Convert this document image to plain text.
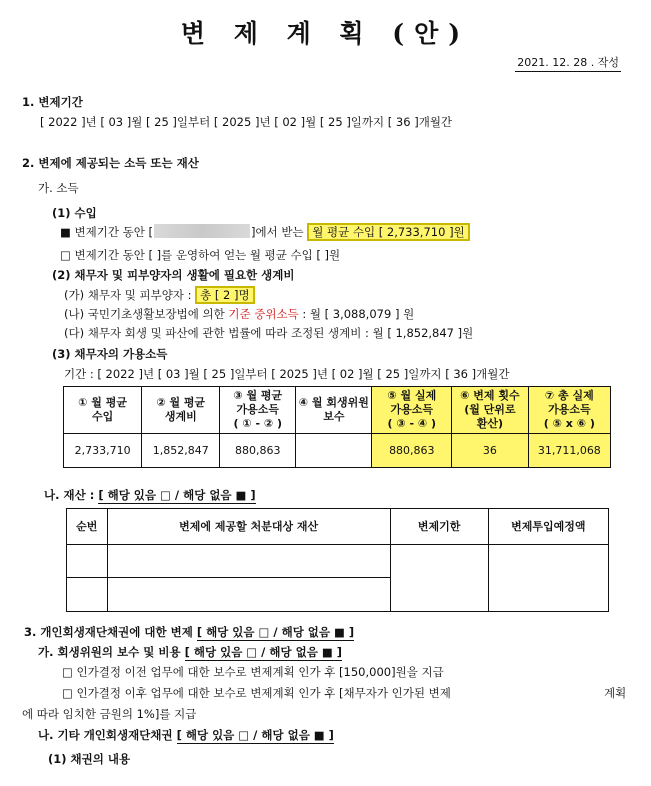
변 제 계 획 (안)
2021. 12. 28 . 작성
1. 변제기간
[ 2022 ]년 [ 03 ]월 [ 25 ]일부터 [ 2025 ]년 [ 02 ]월 [ 25 ]일까지 [ 36 ]개월간
2. 변제에 제공되는 소득 또는 재산
가. 소득
(1) 수입
■ 변제기간 동안 [	]에서 받는 월 평균 수입 [ 2,733,710 ]원
□ 변제기간 동안 [ ]를 운영하여 얻는 월 평균 수입 [ ]원
(2) 채무자 및 피부양자의 생활에 필요한 생계비
(가) 채무자 및 피부양자 : 총 [ 2 ]명
(나) 국민기초생활보장법에 의한 기준 중위소득 : 월 [ 3,088,079 ] 원
(다) 채무자 회생 및 파산에 관한 법률에 따라 조정된 생계비 : 월 [ 1,852,847 ]원
(3) 채무자의 가용소득
기간 : [ 2022 ]년 [ 03 ]월 [ 25 ]일부터 [ 2025 ]년 [ 02 ]월 [ 25 ]일까지 [ 36 ]개월간
① 월 평균
수입	② 월 평균
생계비	③ 월 평균
가용소득
( ① - ② )	④ 월 회생위원
보수	⑤ 월 실제
가용소득
( ③ - ④ )	⑥ 변제 횟수
(월 단위로
환산)	⑦ 총 실제
가용소득
( ⑤ x ⑥ )
2,733,710	1,852,847	880,863		880,863	36	31,711,068
나. 재산 : [ 해당 있음 □ / 해당 없음 ■ ]
순번	변제에 제공할 처분대상 재산	변제기한	변제투입예정액

3. 개인회생재단채권에 대한 변제 [ 해당 있음 □ / 해당 없음 ■ ]
가. 회생위원의 보수 및 비용 [ 해당 있음 □ / 해당 없음 ■ ]
□ 인가결정 이전 업무에 대한 보수로 변제계획 인가 후 [150,000]원을 지급
□ 인가결정 이후 업무에 대한 보수로 변제계획 인가 후 [채무자가 인가된 변제	계획
에 따라 임치한 금원의 1%]를 지급
나. 기타 개인회생재단채권 [ 해당 있음 □ / 해당 없음 ■ ]
(1) 채권의 내용
